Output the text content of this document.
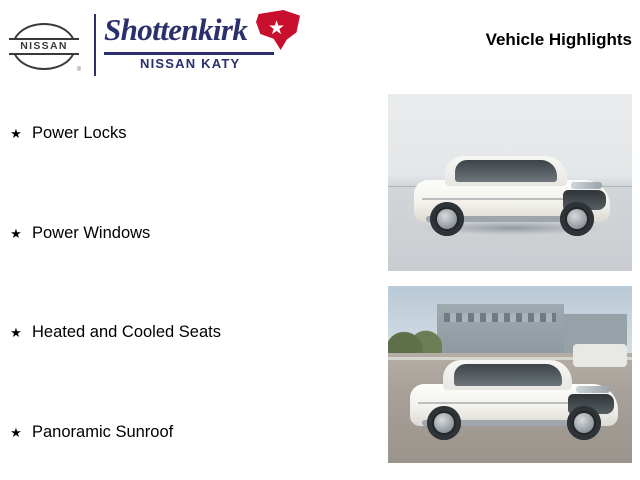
NISSAN
®
Shottenkirk
NISSAN KATY
★
Vehicle Highlights
★ Power Locks
★ Power Windows
★ Heated and Cooled Seats
★ Panoramic Sunroof
